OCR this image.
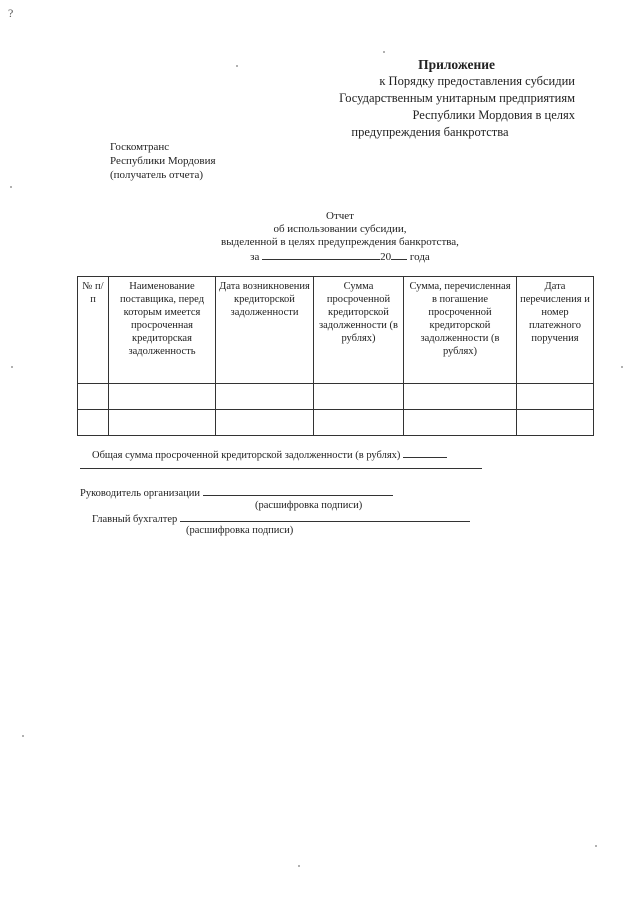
?
Приложение
к Порядку предоставления субсидии
Государственным унитарным предприятиям
Республики Мордовия в целях
предупреждения банкротства
Госкомтранс
Республики Мордовия
(получатель отчета)
Отчет
об использовании субсидии,
выделенной в целях предупреждения банкротства,
за	20 года
№ п/п	Наименование поставщика, перед которым имеется просроченная кредиторская задолженность	Дата возникновения кредиторской задолженности	Сумма просроченной кредиторской задолженности (в рублях)	Сумма, перечисленная в погашение просроченной кредиторской задолженности (в рублях)	Дата перечисления и номер платежного поручения

Общая сумма просроченной кредиторской задолженности (в рублях)
Руководитель организации
(расшифровка подписи)
Главный бухгалтер
(расшифровка подписи)
